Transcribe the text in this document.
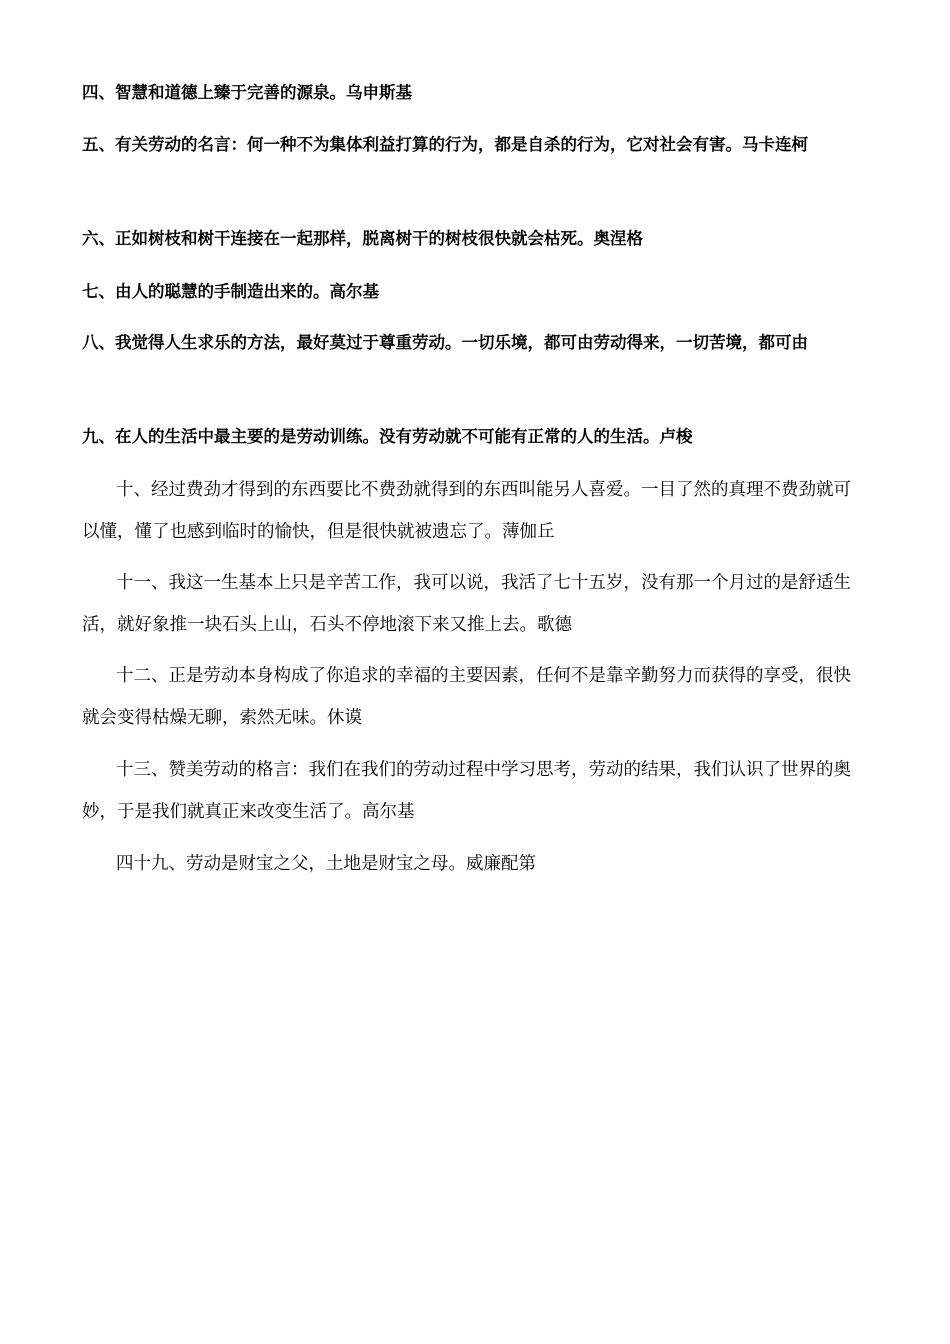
四、智慧和道德上臻于完善的源泉。乌申斯基

五、有关劳动的名言：何一种不为集体利益打算的行为，都是自杀的行为，它对社会有害。马卡连柯

六、正如树枝和树干连接在一起那样，脱离树干的树枝很快就会枯死。奥涅格

七、由人的聪慧的手制造出来的。高尔基

八、我觉得人生求乐的方法，最好莫过于尊重劳动。一切乐境，都可由劳动得来，一切苦境，都可由

九、在人的生活中最主要的是劳动训练。没有劳动就不可能有正常的人的生活。卢梭

十、经过费劲才得到的东西要比不费劲就得到的东西叫能另人喜爱。一目了然的真理不费劲就可以懂，懂了也感到临时的愉快，但是很快就被遗忘了。薄伽丘

十一、我这一生基本上只是辛苦工作，我可以说，我活了七十五岁，没有那一个月过的是舒适生活，就好象推一块石头上山，石头不停地滚下来又推上去。歌德

十二、正是劳动本身构成了你追求的幸福的主要因素，任何不是靠辛勤努力而获得的享受，很快就会变得枯燥无聊，索然无味。休谟

十三、赞美劳动的格言：我们在我们的劳动过程中学习思考，劳动的结果，我们认识了世界的奥妙，于是我们就真正来改变生活了。高尔基

四十九、劳动是财宝之父，土地是财宝之母。威廉配第
